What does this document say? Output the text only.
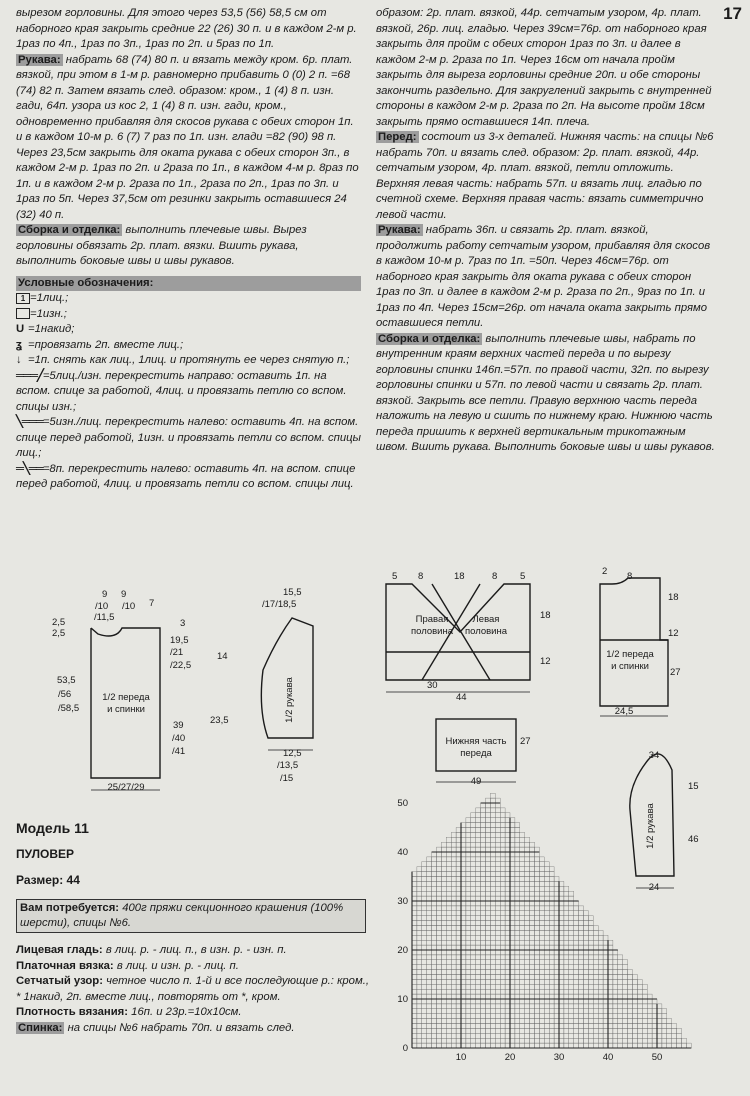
17

вырезом горловины. Для этого через 53,5 (56) 58,5 см от наборного края закрыть средние 22 (26) 30 п. и в каждом 2-м р. 1раз по 4п., 1раз по 3п., 1раз по 2п. и 5раз по 1п.

Рукава: набрать 68 (74) 80 п. и вязать между кром. 6р. плат. вязкой, при этом в 1-м р. равномерно прибавить 0 (0) 2 п. =68 (74) 82 п. Затем вязать след. образом: кром., 1 (4) 8 п. изн. гади, 64п. узора из кос 2, 1 (4) 8 п. изн. гади, кром., одновременно прибавляя для скосов рукава с обеих сторон 1п. и в каждом 10-м р. 6 (7) 7 раз по 1п. изн. глади =82 (90) 98 п. Через 23,5см закрыть для оката рукава с обеих сторон 3п., в каждом 2-м р. 1раз по 2п. и 2раза по 1п., в каждом 4-м р. 8раз по 1п. и в каждом 2-м р. 2раза по 1п., 2раза по 2п., 1раз по 3п. и 1раз по 5п. Через 37,5см от резинки закрыть оставшиеся 24 (32) 40 п.

Сборка и отделка: выполнить плечевые швы. Вырез горловины обвязать 2р. плат. вязки. Вшить рукава, выполнить боковые швы и швы рукавов.

Условные обозначения:

1 =1лиц.;

=1изн.;

U =1накид;

ʓ =провязать 2п. вместе лиц.;

↓ =1п. снять как лиц., 1лиц. и протянуть ее через снятую п.;

═══╱=5лиц./изн. перекрестить направо: оставить 1п. на вспом. спице за работой, 4лиц. и провязать петлю со вспом. спицы изн.;

╲═══=5изн./лиц. перекрестить налево: оставить 4п. на вспом. спице перед работой, 1изн. и провязать петли со вспом. спицы лиц.;

═╲══=8п. перекрестить налево: оставить 4п. на вспом. спице перед работой, 4лиц. и провязать петли со вспом. спицы лиц.

образом: 2р. плат. вязкой, 44р. сетчатым узором, 4р. плат. вязкой, 26р. лиц. гладью. Через 39см=76р. от наборного края закрыть для пройм с обеих сторон 1раз по 3п. и далее в каждом 2-м р. 2раза по 1п. Через 16см от начала пройм закрыть для выреза горловины средние 20п. и обе стороны закончить раздельно. Для закруглений закрыть с внутренней стороны в каждом 2-м р. 2раза по 2п. На высоте пройм 18см закрыть прямо оставшиеся 14п. плеча.

Перед: состоит из 3-х деталей. Нижняя часть: на спицы №6 набрать 70п. и вязать след. образом: 2р. плат. вязкой, 44р. сетчатым узором, 4р. плат. вязкой, петли отложить. Верхняя левая часть: набрать 57п. и вязать лиц. гладью по счетной схеме. Верхняя правая часть: вязать симметрично левой части.

Рукава: набрать 36п. и связать 2р. плат. вязкой, продолжить работу сетчатым узором, прибавляя для скосов в каждом 10-м р. 7раз по 1п. =50п. Через 46см=76р. от наборного края закрыть для оката рукава с обеих сторон 1раз по 3п. и далее в каждом 2-м р. 2раза по 2п., 9раз по 1п. и 1раз по 4п. Через 15см=26р. от начала оката закрыть прямо оставшиеся петли.

Сборка и отделка: выполнить плечевые швы, набрать по внутренним краям верхних частей переда и по вырезу горловины спинки 146п.=57п. по правой части, 32п. по вырезу горловины спинки и 57п. по левой части и связать 2р. плат. вязкой. Закрыть все петли. Правую верхнюю часть переда наложить на левую и сшить по нижнему краю. Нижнюю часть переда пришить к верхней вертикальным трикотажным швом. Вшить рукава. Выполнить боковые швы и швы рукавов.

Модель 11
ПУЛОВЕР
Размер: 44
Вам потребуется: 400г пряжи секционного крашения (100% шерсти), спицы №6.

Лицевая гладь: в лиц. р. - лиц. п., в изн. р. - изн. п.

Платочная вязка: в лиц. и изн. р. - лиц. п.

Сетчатый узор: четное число п. 1-й и все последующие р.: кром., * 1накид, 2п. вместе лиц., повторять от *, кром.

Плотность вязания: 16п. и 23р.=10х10см.

Спинка: на спицы №6 набрать 70п. и вязать след.

50
40
30
20
10
0
10	20	30	40	50
9
/10
/11,5
9
/10 7
2,5
2,5
3
19,5
/21
/22,5
53,5
/56
/58,5
1/2 переда
и спинки
39
/40
/41
25/27/29
14
23,5
15,5
/17/18,5
1/2 рукава
12,5
/13,5
/15
5 8	18	8 5
18
12
30
44
Правая
половина
Левая
половина
2 8
18
12
1/2 переда
и спинки
27
24,5
Нижняя часть
переда
27
49
34
15
46
1/2 рукава
24
